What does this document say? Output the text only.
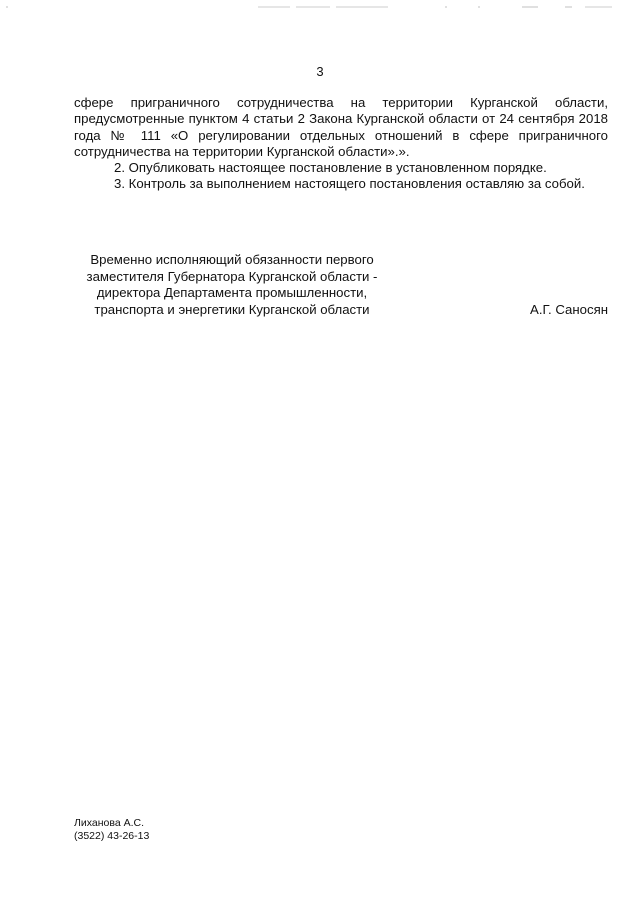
3

сфере приграничного сотрудничества на территории Курганской области, предусмотренные пунктом 4 статьи 2 Закона Курганской области от 24 сентября 2018 года № 111 «О регулировании отдельных отношений в сфере приграничного сотрудничества на территории Курганской области».».

2. Опубликовать настоящее постановление в установленном порядке.

3. Контроль за выполнением настоящего постановления оставляю за собой.

Временно исполняющий обязанности первого
заместителя Губернатора Курганской области -
директора Департамента промышленности,
транспорта и энергетики Курганской области	А.Г. Саносян
Лиханова А.С.
(3522) 43-26-13
